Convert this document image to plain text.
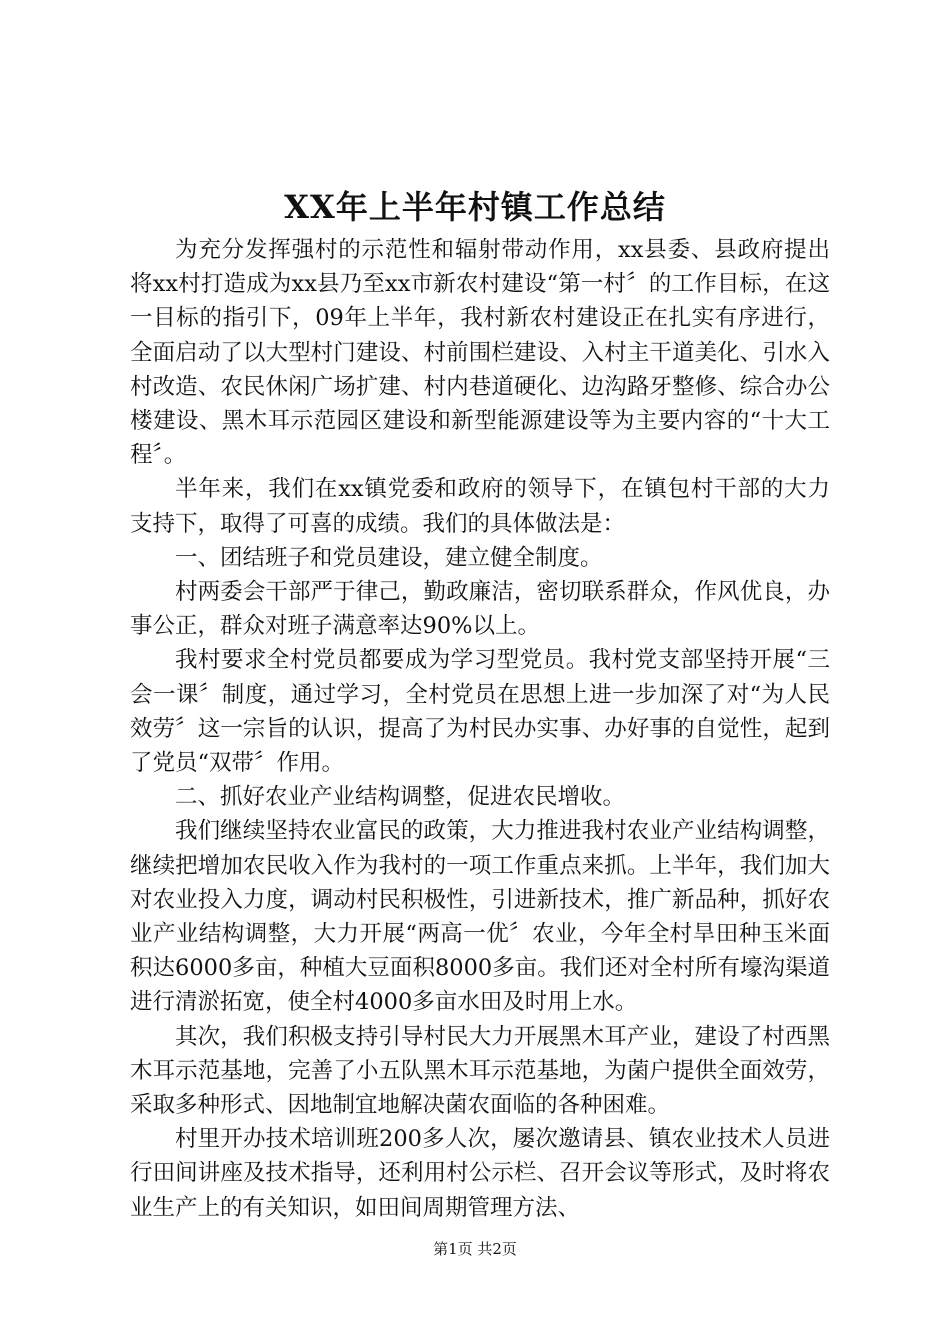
XX年上半年村镇工作总结

为充分发挥强村的示范性和辐射带动作用，xx县委、县政府提出将xx村打造成为xx县乃至xx市新农村建设“第一村〞的工作目标，在这一目标的指引下，09年上半年，我村新农村建设正在扎实有序进行，全面启动了以大型村门建设、村前围栏建设、入村主干道美化、引水入村改造、农民休闲广场扩建、村内巷道硬化、边沟路牙整修、综合办公楼建设、黑木耳示范园区建设和新型能源建设等为主要内容的“十大工程〞。

半年来，我们在xx镇党委和政府的领导下，在镇包村干部的大力支持下，取得了可喜的成绩。我们的具体做法是：

一、团结班子和党员建设，建立健全制度。

村两委会干部严于律己，勤政廉洁，密切联系群众，作风优良，办事公正，群众对班子满意率达90%以上。

我村要求全村党员都要成为学习型党员。我村党支部坚持开展“三会一课〞制度，通过学习，全村党员在思想上进一步加深了对“为人民效劳〞这一宗旨的认识，提高了为村民办实事、办好事的自觉性，起到了党员“双带〞作用。

二、抓好农业产业结构调整，促进农民增收。

我们继续坚持农业富民的政策，大力推进我村农业产业结构调整，继续把增加农民收入作为我村的一项工作重点来抓。上半年，我们加大对农业投入力度，调动村民积极性，引进新技术，推广新品种，抓好农业产业结构调整，大力开展“两高一优〞农业，今年全村旱田种玉米面积达6000多亩，种植大豆面积8000多亩。我们还对全村所有壕沟渠道进行清淤拓宽，使全村4000多亩水田及时用上水。

其次，我们积极支持引导村民大力开展黑木耳产业，建设了村西黑木耳示范基地，完善了小五队黑木耳示范基地，为菌户提供全面效劳，采取多种形式、因地制宜地解决菌农面临的各种困难。

村里开办技术培训班200多人次，屡次邀请县、镇农业技术人员进行田间讲座及技术指导，还利用村公示栏、召开会议等形式，及时将农业生产上的有关知识，如田间周期管理方法、

第1页 共2页
